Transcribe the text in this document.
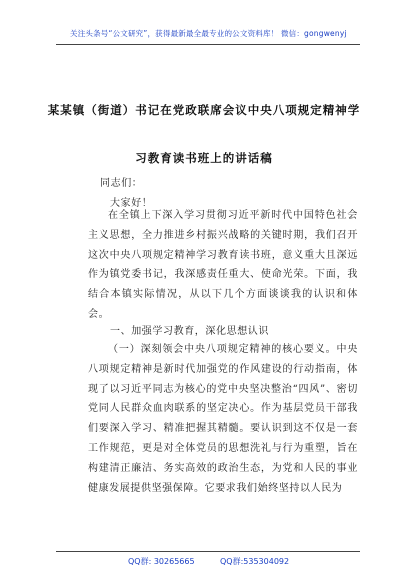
关注头条号“公文研究”，获得最新最全最专业的公文资料库！ 微信：gongwenyj
某某镇（街道）书记在党政联席会议中央八项规定精神学
习教育读书班上的讲话稿
同志们：
大家好！
在全镇上下深入学习贯彻习近平新时代中国特色社会主义思想，全力推进乡村振兴战略的关键时期，我们召开这次中央八项规定精神学习教育读书班，意义重大且深远作为镇党委书记，我深感责任重大、使命光荣。下面，我结合本镇实际情况，从以下几个方面谈谈我的认识和体会。
一、加强学习教育，深化思想认识
（一）深刻领会中央八项规定精神的核心要义。中央八项规定精神是新时代加强党的作风建设的行动指南，体现了以习近平同志为核心的党中央坚决整治“四风”、密切党同人民群众血肉联系的坚定决心。作为基层党员干部我们要深入学习、精准把握其精髓。要认识到这不仅是一套工作规范，更是对全体党员的思想洗礼与行为重塑，旨在构建清正廉洁、务实高效的政治生态，为党和人民的事业健康发展提供坚强保障。它要求我们始终坚持以人民为
QQ群: 30265665	QQ群:535304092
